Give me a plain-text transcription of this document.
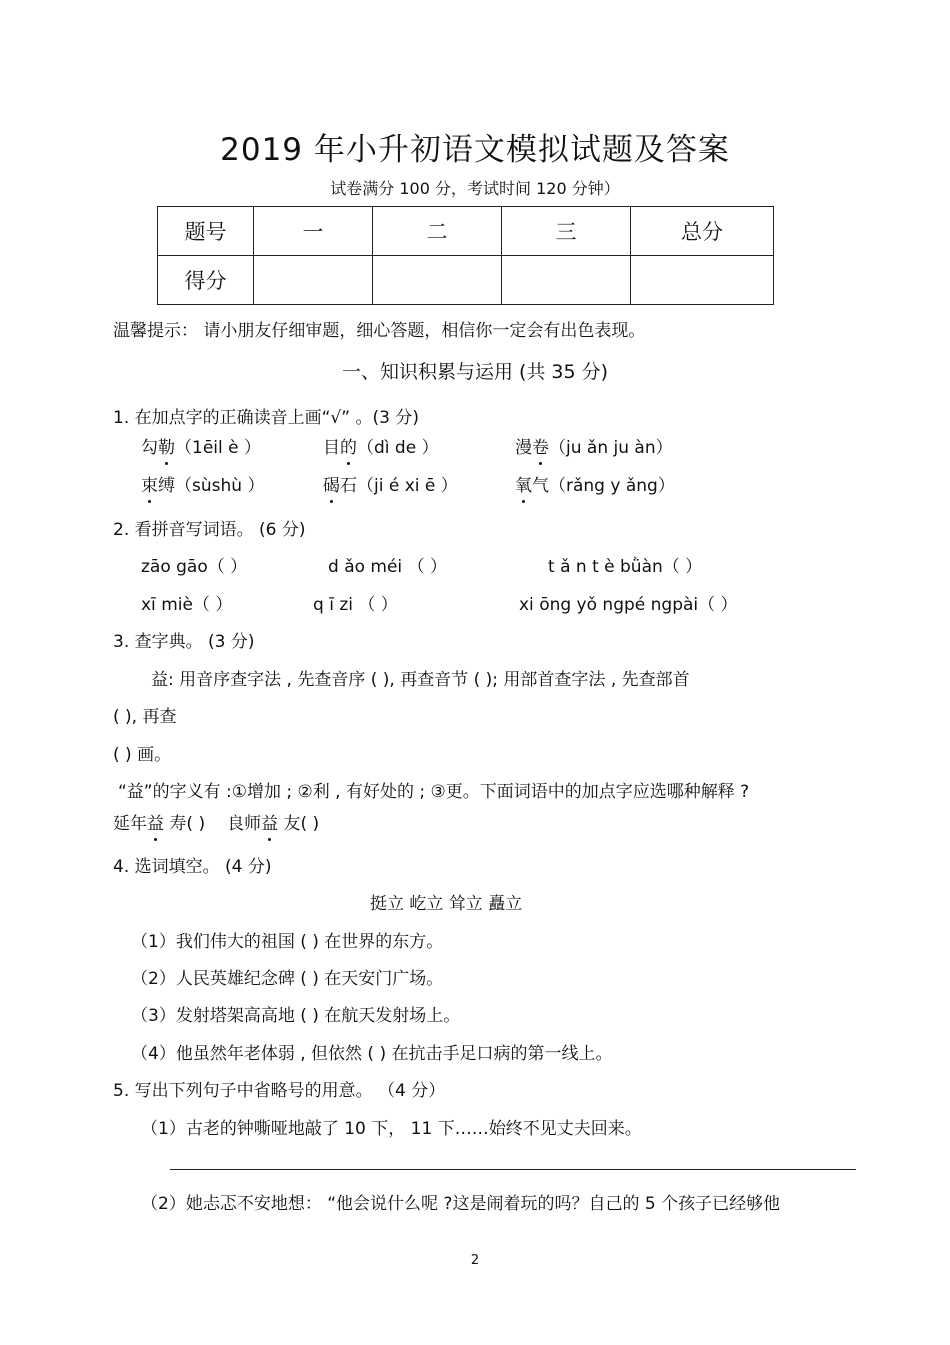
2019 年小升初语文模拟试题及答案
试卷满分 100 分，考试时间 120 分钟）
题号	一	二	三	总分
得分				
温馨提示： 请小朋友仔细审题，细心答题，相信你一定会有出色表现。
一、知识积累与运用 (共 35 分)
1. 在加点字的正确读音上画“√” 。(3 分)
勾勒（1ēil è ）	目的（dì de ）	漫卷（ju ǎn ju àn）
束缚（sùshù ）	碣石（ji é xi ē ）	氧气（rǎng y ǎng）
2. 看拼音写词语。 (6 分)
zāo gāo（ ）	d ǎo méi （ ）	t ǎ n t è bǜàn（ ）
xī miè（ ）	q ī zi （ ）	xi ōng yǒ ngpé ngpài（ ）
3. 查字典。 (3 分)
益: 用音序查字法 , 先查音序 ( ), 再查音节 ( ); 用部首查字法 , 先查部首
( ), 再查
( ) 画。
“益”的字义有 :①增加 ; ②利 , 有好处的 ; ③更。下面词语中的加点字应选哪种解释 ?
延年益 寿( ) 良师益 友( )
4. 选词填空。 (4 分)
挺立 屹立 耸立 矗立
（1）我们伟大的祖国 ( ) 在世界的东方。
（2）人民英雄纪念碑 ( ) 在天安门广场。
（3）发射塔架高高地 ( ) 在航天发射场上。
（4）他虽然年老体弱 , 但依然 ( ) 在抗击手足口病的第一线上。
5. 写出下列句子中省略号的用意。 （4 分）
（1）古老的钟嘶哑地敲了 10 下， 11 下……始终不见丈夫回来。
（2）她忐忑不安地想： “他会说什么呢 ?这是闹着玩的吗？自己的 5 个孩子已经够他
2
